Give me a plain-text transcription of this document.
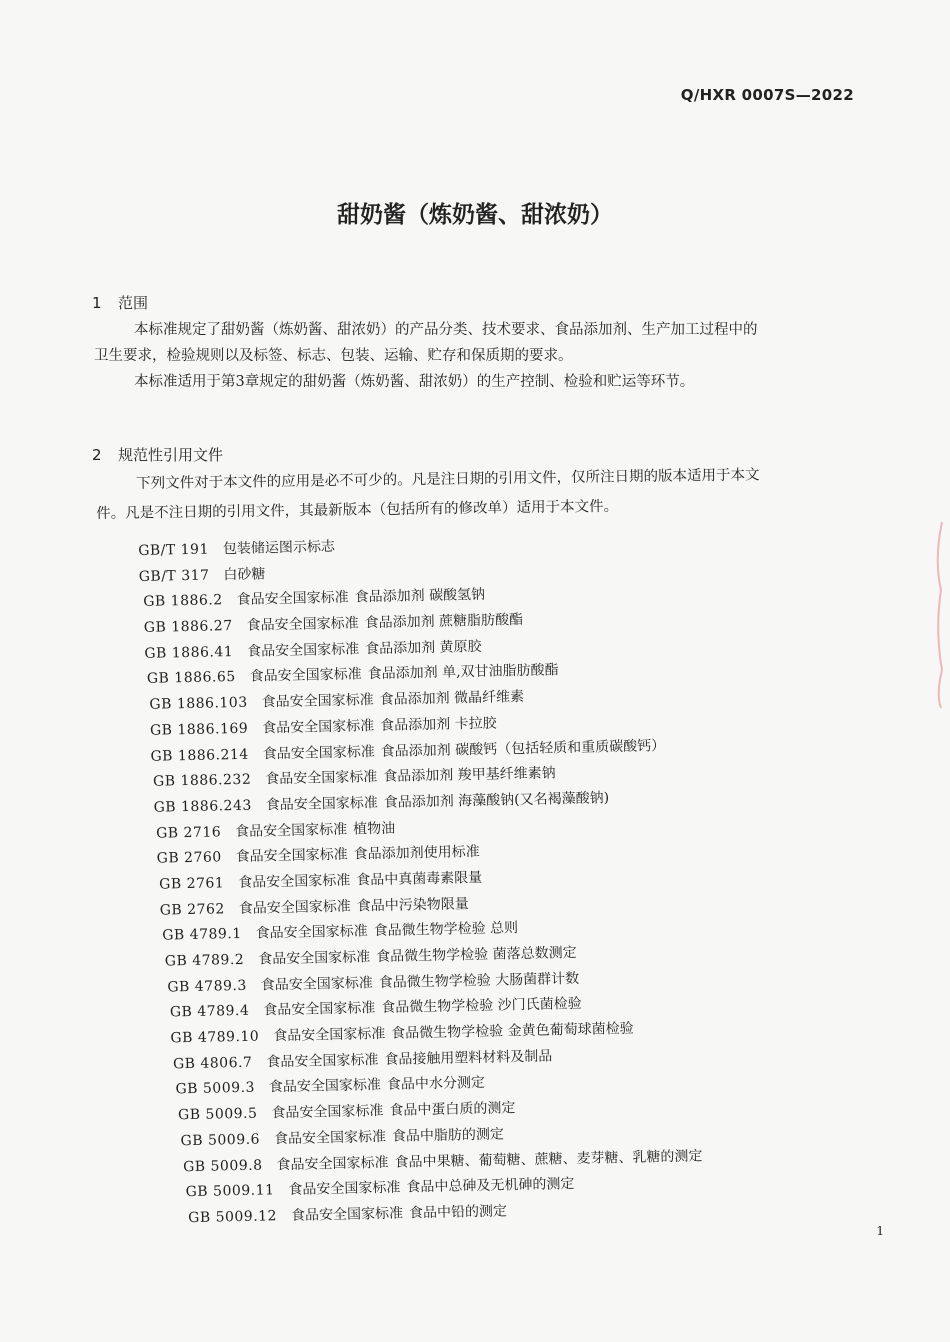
Q/HXR 0007S—2022
甜奶酱（炼奶酱、甜浓奶）
1 范围
本标准规定了甜奶酱（炼奶酱、甜浓奶）的产品分类、技术要求、食品添加剂、生产加工过程中的
卫生要求，检验规则以及标签、标志、包装、运输、贮存和保质期的要求。
本标准适用于第3章规定的甜奶酱（炼奶酱、甜浓奶）的生产控制、检验和贮运等环节。
2 规范性引用文件
下列文件对于本文件的应用是必不可少的。凡是注日期的引用文件，仅所注日期的版本适用于本文
件。凡是不注日期的引用文件，其最新版本（包括所有的修改单）适用于本文件。
GB/T 191 包装储运图示标志
GB/T 317 白砂糖
GB 1886.2 食品安全国家标准 食品添加剂 碳酸氢钠
GB 1886.27 食品安全国家标准 食品添加剂 蔗糖脂肪酸酯
GB 1886.41 食品安全国家标准 食品添加剂 黄原胶
GB 1886.65 食品安全国家标准 食品添加剂 单,双甘油脂肪酸酯
GB 1886.103 食品安全国家标准 食品添加剂 微晶纤维素
GB 1886.169 食品安全国家标准 食品添加剂 卡拉胶
GB 1886.214 食品安全国家标准 食品添加剂 碳酸钙（包括轻质和重质碳酸钙）
GB 1886.232 食品安全国家标准 食品添加剂 羧甲基纤维素钠
GB 1886.243 食品安全国家标准 食品添加剂 海藻酸钠(又名褐藻酸钠)
GB 2716 食品安全国家标准 植物油
GB 2760 食品安全国家标准 食品添加剂使用标准
GB 2761 食品安全国家标准 食品中真菌毒素限量
GB 2762 食品安全国家标准 食品中污染物限量
GB 4789.1 食品安全国家标准 食品微生物学检验 总则
GB 4789.2 食品安全国家标准 食品微生物学检验 菌落总数测定
GB 4789.3 食品安全国家标准 食品微生物学检验 大肠菌群计数
GB 4789.4 食品安全国家标准 食品微生物学检验 沙门氏菌检验
GB 4789.10 食品安全国家标准 食品微生物学检验 金黄色葡萄球菌检验
GB 4806.7 食品安全国家标准 食品接触用塑料材料及制品
GB 5009.3 食品安全国家标准 食品中水分测定
GB 5009.5 食品安全国家标准 食品中蛋白质的测定
GB 5009.6 食品安全国家标准 食品中脂肪的测定
GB 5009.8 食品安全国家标准 食品中果糖、葡萄糖、蔗糖、麦芽糖、乳糖的测定
GB 5009.11 食品安全国家标准 食品中总砷及无机砷的测定
GB 5009.12 食品安全国家标准 食品中铅的测定
1
